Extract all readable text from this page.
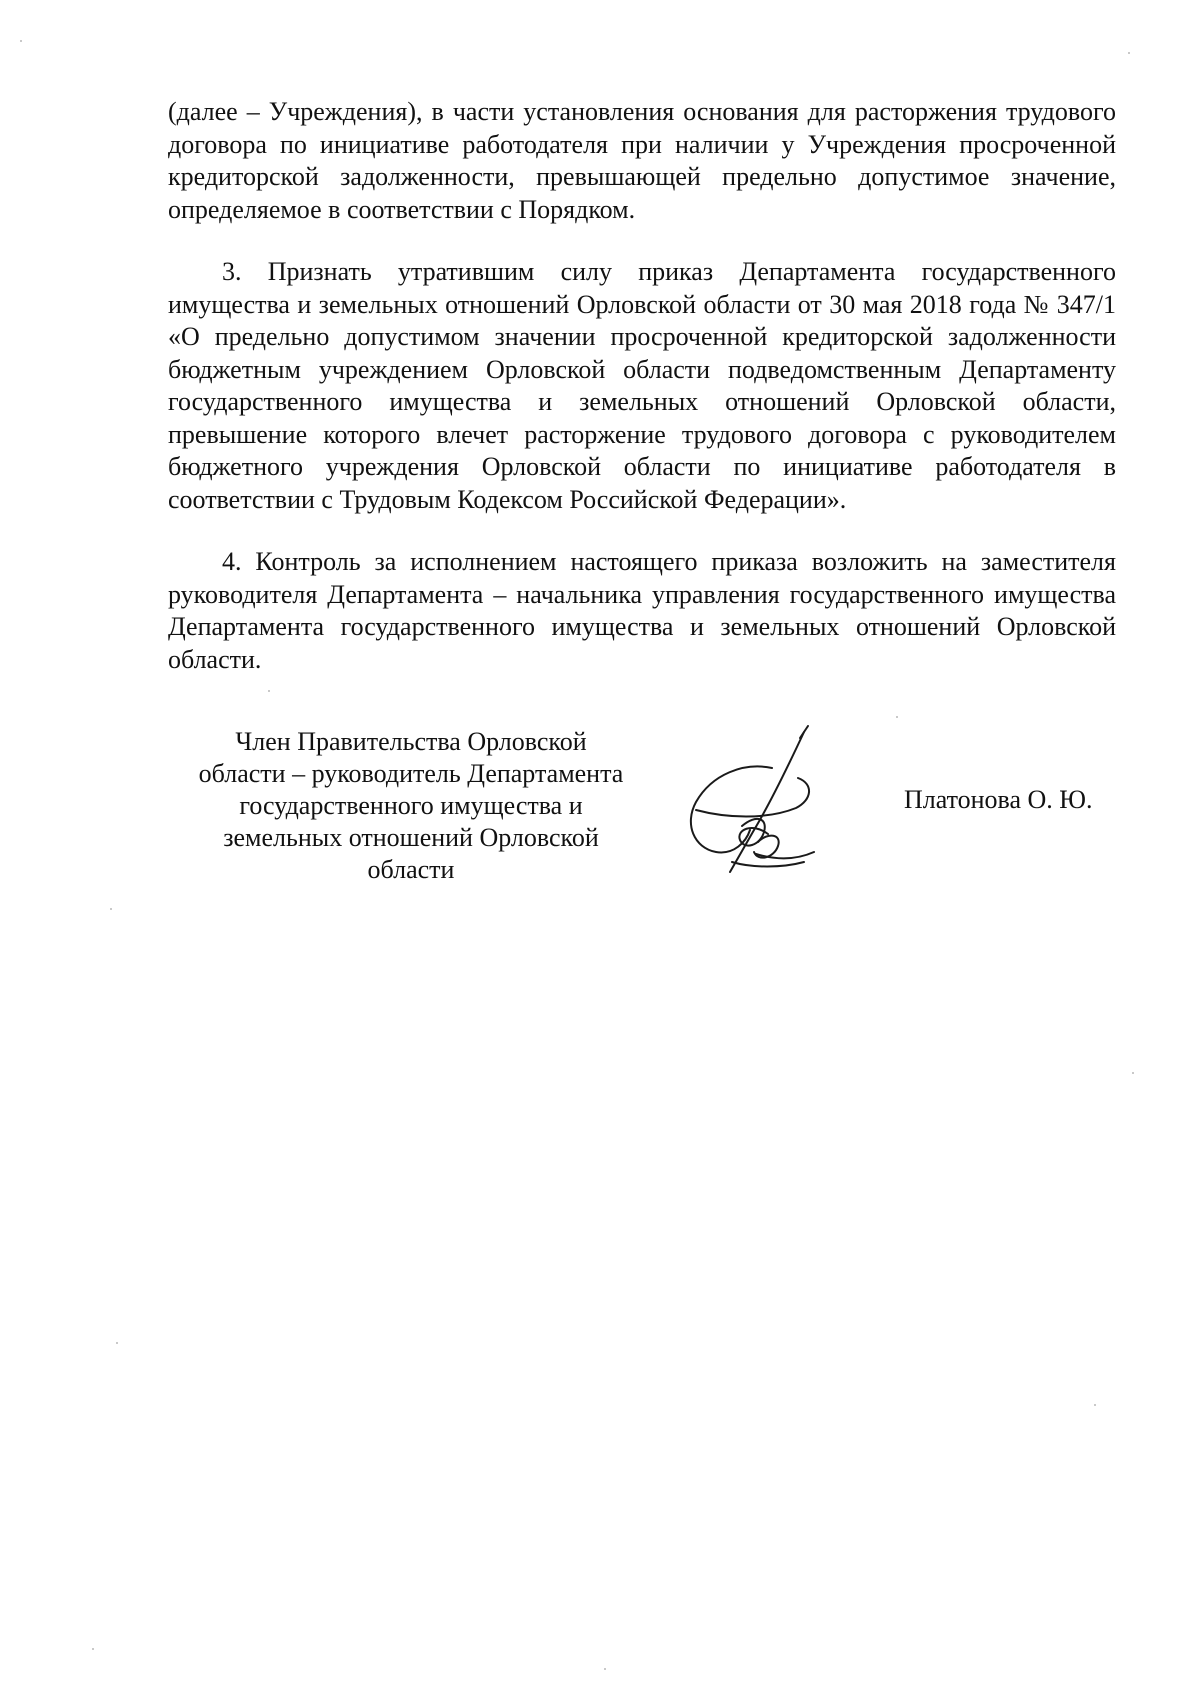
(далее – Учреждения), в части установления основания для расторжения трудового договора по инициативе работодателя при наличии у Учреждения просроченной кредиторской задолженности, превышающей предельно допустимое значение, определяемое в соответствии с Порядком.

3. Признать утратившим силу приказ Департамента государственного имущества и земельных отношений Орловской области от 30 мая 2018 года № 347/1 «О предельно допустимом значении просроченной кредиторской задолженности бюджетным учреждением Орловской области подведомственным Департаменту государственного имущества и земельных отношений Орловской области, превышение которого влечет расторжение трудового договора с руководителем бюджетного учреждения Орловской области по инициативе работодателя в соответствии с Трудовым Кодексом Российской Федерации».

4. Контроль за исполнением настоящего приказа возложить на заместителя руководителя Департамента – начальника управления государственного имущества Департамента государственного имущества и земельных отношений Орловской области.

Член Правительства Орловской
области – руководитель Департамента
государственного имущества и
земельных отношений Орловской
области
Платонова О. Ю.
